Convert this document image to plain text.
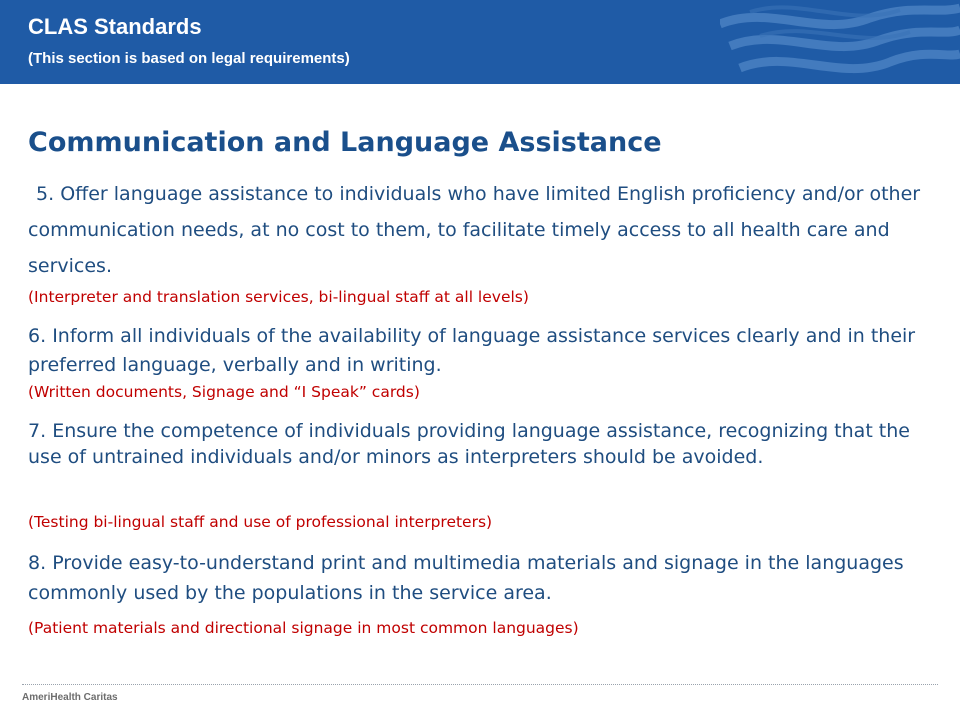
CLAS Standards
(This section is based on legal requirements)
Communication and Language Assistance

5. Offer language assistance to individuals who have limited English proficiency and/or other communication needs, at no cost to them, to facilitate timely access to all health care and services.

(Interpreter and translation services, bi-lingual staff at all levels)

6. Inform all individuals of the availability of language assistance services clearly and in their preferred language, verbally and in writing.

(Written documents, Signage and “I Speak” cards)

7. Ensure the competence of individuals providing language assistance, recognizing that the use of untrained individuals and/or minors as interpreters should be avoided.

(Testing bi-lingual staff and use of professional interpreters)

8. Provide easy-to-understand print and multimedia materials and signage in the languages commonly used by the populations in the service area.

(Patient materials and directional signage in most common languages)

AmeriHealth Caritas
